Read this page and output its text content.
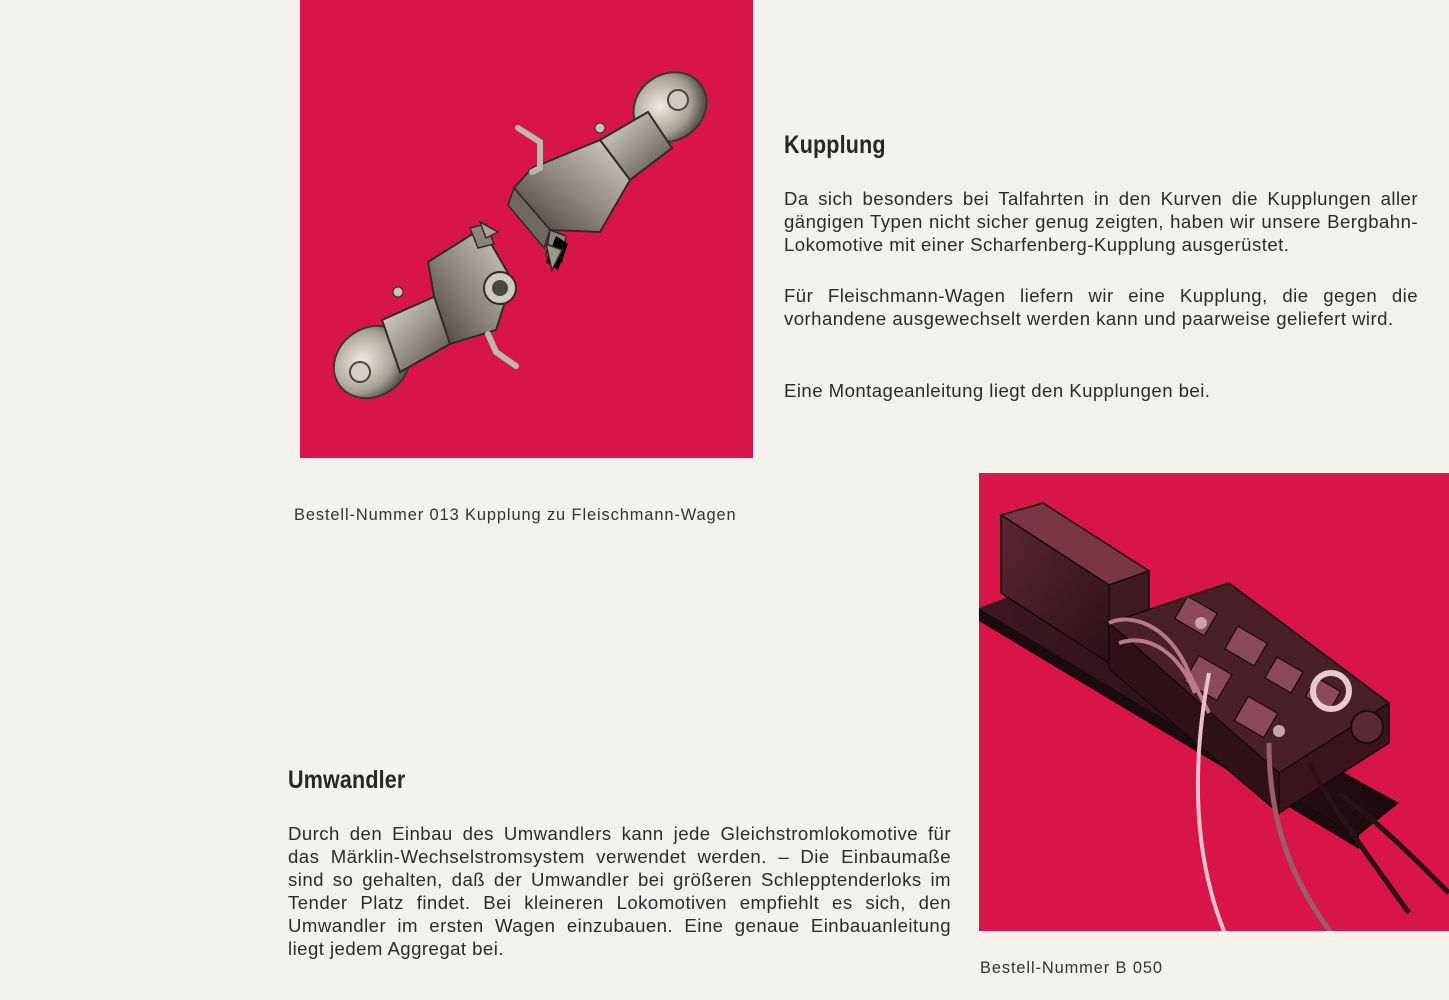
Kupplung

Da sich besonders bei Talfahrten in den Kurven die Kupplungen aller gängigen Typen nicht sicher genug zeigten, haben wir unsere Bergbahn-Lokomotive mit einer Scharfenberg-Kupplung ausgerüstet.

Für Fleischmann-Wagen liefern wir eine Kupplung, die gegen die vorhandene ausgewechselt werden kann und paarweise geliefert wird.

Eine Montageanleitung liegt den Kupplungen bei.

Bestell-Nummer 013 Kupplung zu Fleischmann-Wagen

Umwandler

Durch den Einbau des Umwandlers kann jede Gleichstromlokomotive für das Märklin-Wechselstromsystem verwendet werden. – Die Einbaumaße sind so gehalten, daß der Umwandler bei größeren Schlepptenderloks im Tender Platz findet. Bei kleineren Lokomotiven empfiehlt es sich, den Umwandler im ersten Wagen einzubauen. Eine genaue Einbauanleitung liegt jedem Aggregat bei.

Bestell-Nummer B 050
